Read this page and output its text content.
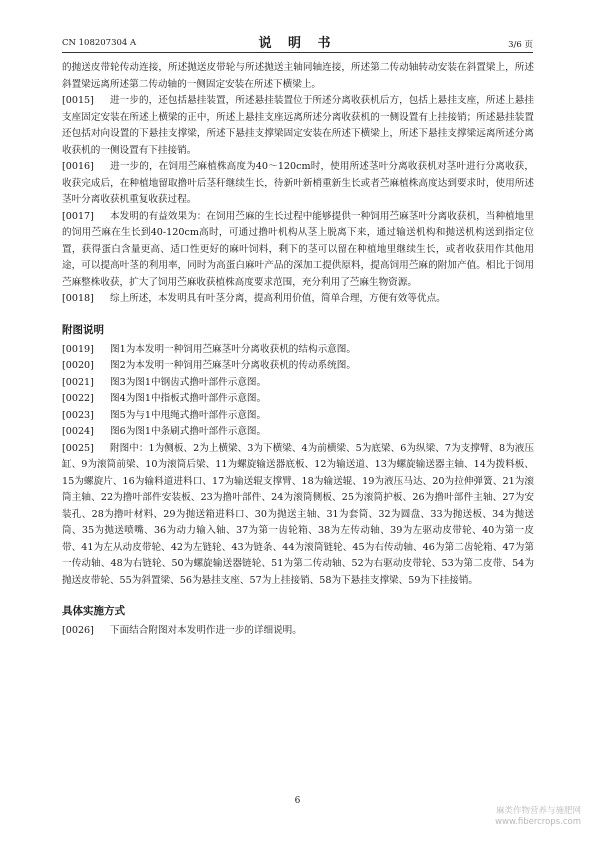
CN 108207304 A	说 明 书	3/6 页

的抛送皮带轮传动连接，所述抛送皮带轮与所述抛送主轴同轴连接，所述第二传动轴转动安装在斜置梁上，所述斜置梁远离所述第二传动轴的一侧固定安装在所述下横梁上。

[0015] 进一步的，还包括悬挂装置，所述悬挂装置位于所述分离收获机后方，包括上悬挂支座，所述上悬挂支座固定安装在所述上横梁的正中，所述上悬挂支座远离所述分离收获机的一侧设置有上挂接销；所述悬挂装置还包括对向设置的下悬挂支撑梁，所述下悬挂支撑梁固定安装在所述下横梁上，所述下悬挂支撑梁远离所述分离收获机的一侧设置有下挂接销。

[0016] 进一步的，在饲用苎麻植株高度为40～120cm时，使用所述茎叶分离收获机对茎叶进行分离收获，收获完成后，在种植地留取撸叶后茎秆继续生长，待新叶新梢重新生长或者苎麻植株高度达到要求时，使用所述茎叶分离收获机重复收获过程。

[0017] 本发明的有益效果为：在饲用苎麻的生长过程中能够提供一种饲用苎麻茎叶分离收获机，当种植地里的饲用苎麻在生长到40-120cm高时，可通过撸叶机构从茎上脱离下来，通过输送机构和抛送机构送到指定位置，获得蛋白含量更高、适口性更好的麻叶饲料，剩下的茎可以留在种植地里继续生长，或者收获用作其他用途，可以提高叶茎的利用率，同时为高蛋白麻叶产品的深加工提供原料，提高饲用苎麻的附加产值。相比于饲用苎麻整株收获，扩大了饲用苎麻收获植株高度要求范围，充分利用了苎麻生物资源。

[0018] 综上所述，本发明具有叶茎分离，提高利用价值，简单合理，方便有效等优点。

附图说明

[0019] 图1为本发明一种饲用苎麻茎叶分离收获机的结构示意图。

[0020] 图2为本发明一种饲用苎麻茎叶分离收获机的传动系统图。

[0021] 图3为图1中钢齿式撸叶部件示意图。

[0022] 图4为图1中指板式撸叶部件示意图。

[0023] 图5为与1中甩绳式撸叶部件示意图。

[0024] 图6为图1中条刷式撸叶部件示意图。

[0025] 附图中：1为侧板、2为上横梁、3为下横梁、4为前横梁、5为底梁、6为纵梁、7为支撑臂、8为液压缸、9为滚筒前梁、10为滚筒后梁、11为螺旋输送器底板、12为输送道、13为螺旋输送器主轴、14为拨料板、15为螺旋片、16为输料道进料口、17为输送辊支撑臂、18为输送辊、19为液压马达、20为拉伸弹簧、21为滚筒主轴、22为撸叶部件安装板、23为撸叶部件、24为滚筒侧板、25为滚筒护板、26为撸叶部件主轴、27为安装孔、28为撸叶材料、29为抛送箱进料口、30为抛送主轴、31为套筒、32为圆盘、33为抛送板、34为抛送筒、35为抛送喷嘴、36为动力输入轴、37为第一齿轮箱、38为左传动轴、39为左驱动皮带轮、40为第一皮带、41为左从动皮带轮、42为左链轮、43为链条、44为滚筒链轮、45为右传动轴、46为第二齿轮箱、47为第一传动轴、48为右链轮、50为螺旋输送器链轮、51为第二传动轴、52为右驱动皮带轮、53为第二皮带、54为抛送皮带轮、55为斜置梁、56为悬挂支座、57为上挂接销、58为下悬挂支撑梁、59为下挂接销。

具体实施方式

[0026] 下面结合附图对本发明作进一步的详细说明。

6
麻类作物营养与施肥网
www.fibercrops.com
